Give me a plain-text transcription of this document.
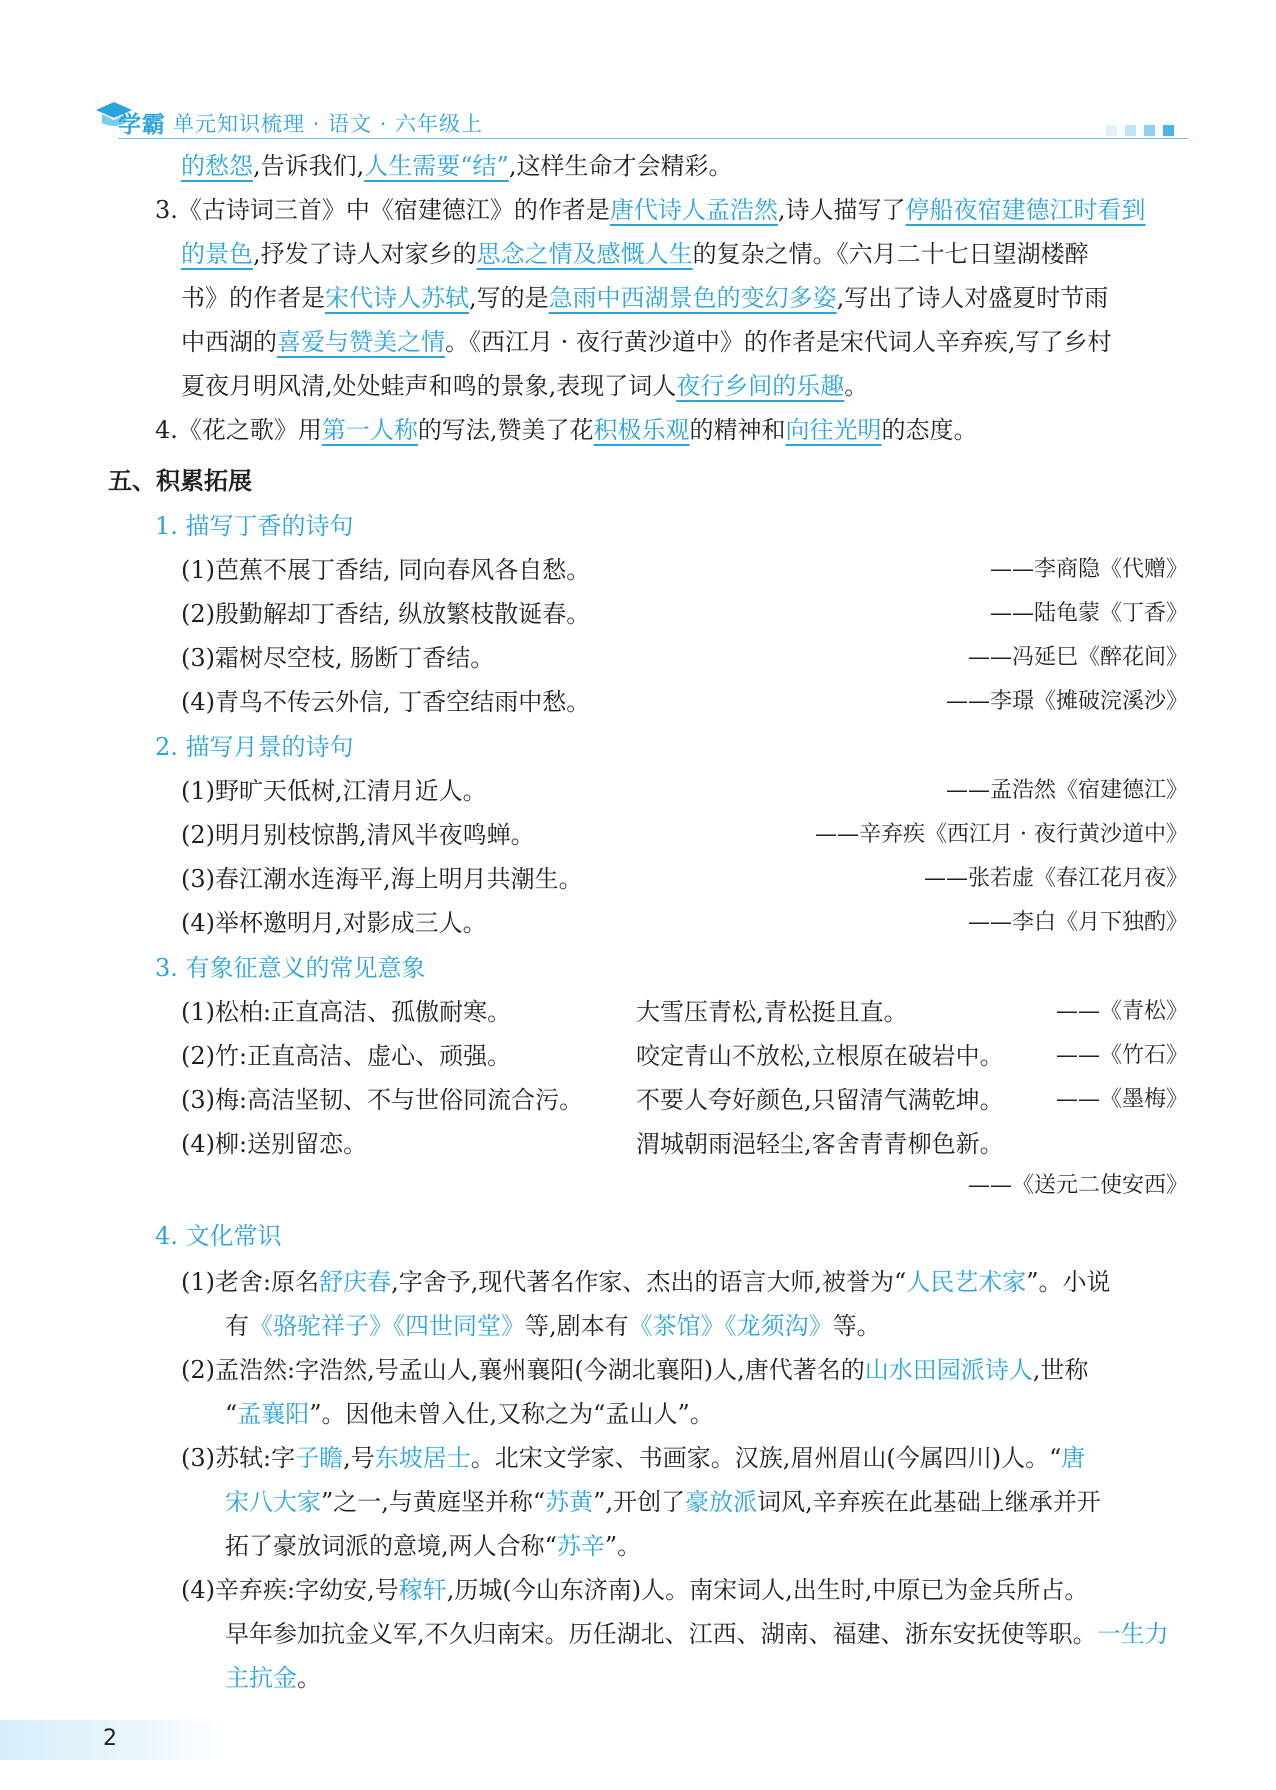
学霸 单元知识梳理 · 语文 · 六年级上
的愁怨,告诉我们,人生需要“结”,这样生命才会精彩。
3.《古诗词三首》中《宿建德江》的作者是唐代诗人孟浩然,诗人描写了停船夜宿建德江时看到
的景色,抒发了诗人对家乡的思念之情及感慨人生的复杂之情。《六月二十七日望湖楼醉
书》的作者是宋代诗人苏轼,写的是急雨中西湖景色的变幻多姿,写出了诗人对盛夏时节雨
中西湖的喜爱与赞美之情。《西江月 · 夜行黄沙道中》的作者是宋代词人辛弃疾,写了乡村
夏夜月明风清,处处蛙声和鸣的景象,表现了词人夜行乡间的乐趣。
4.《花之歌》用第一人称的写法,赞美了花积极乐观的精神和向往光明的态度。
五、积累拓展
1. 描写丁香的诗句
(1)芭蕉不展丁香结, 同向春风各自愁。	——李商隐《代赠》
(2)殷勤解却丁香结, 纵放繁枝散诞春。	——陆龟蒙《丁香》
(3)霜树尽空枝, 肠断丁香结。	——冯延巳《醉花间》
(4)青鸟不传云外信, 丁香空结雨中愁。	——李璟《摊破浣溪沙》
2. 描写月景的诗句
(1)野旷天低树,江清月近人。	——孟浩然《宿建德江》
(2)明月别枝惊鹊,清风半夜鸣蝉。	——辛弃疾《西江月 · 夜行黄沙道中》
(3)春江潮水连海平,海上明月共潮生。	——张若虚《春江花月夜》
(4)举杯邀明月,对影成三人。	——李白《月下独酌》
3. 有象征意义的常见意象
(1)松柏:正直高洁、孤傲耐寒。	大雪压青松,青松挺且直。	——《青松》
(2)竹:正直高洁、虚心、顽强。	咬定青山不放松,立根原在破岩中。 ——《竹石》
(3)梅:高洁坚韧、不与世俗同流合污。 不要人夸好颜色,只留清气满乾坤。 ——《墨梅》
(4)柳:送别留恋。	渭城朝雨浥轻尘,客舍青青柳色新。
——《送元二使安西》
4. 文化常识
(1)老舍:原名舒庆春,字舍予,现代著名作家、杰出的语言大师,被誉为“人民艺术家”。小说
有《骆驼祥子》《四世同堂》等,剧本有《茶馆》《龙须沟》等。
(2)孟浩然:字浩然,号孟山人,襄州襄阳(今湖北襄阳)人,唐代著名的山水田园派诗人,世称
“孟襄阳”。因他未曾入仕,又称之为“孟山人”。
(3)苏轼:字子瞻,号东坡居士。北宋文学家、书画家。汉族,眉州眉山(今属四川)人。“唐
宋八大家”之一,与黄庭坚并称“苏黄”,开创了豪放派词风,辛弃疾在此基础上继承并开
拓了豪放词派的意境,两人合称“苏辛”。
(4)辛弃疾:字幼安,号稼轩,历城(今山东济南)人。南宋词人,出生时,中原已为金兵所占。
早年参加抗金义军,不久归南宋。历任湖北、江西、湖南、福建、浙东安抚使等职。一生力
主抗金。
2
